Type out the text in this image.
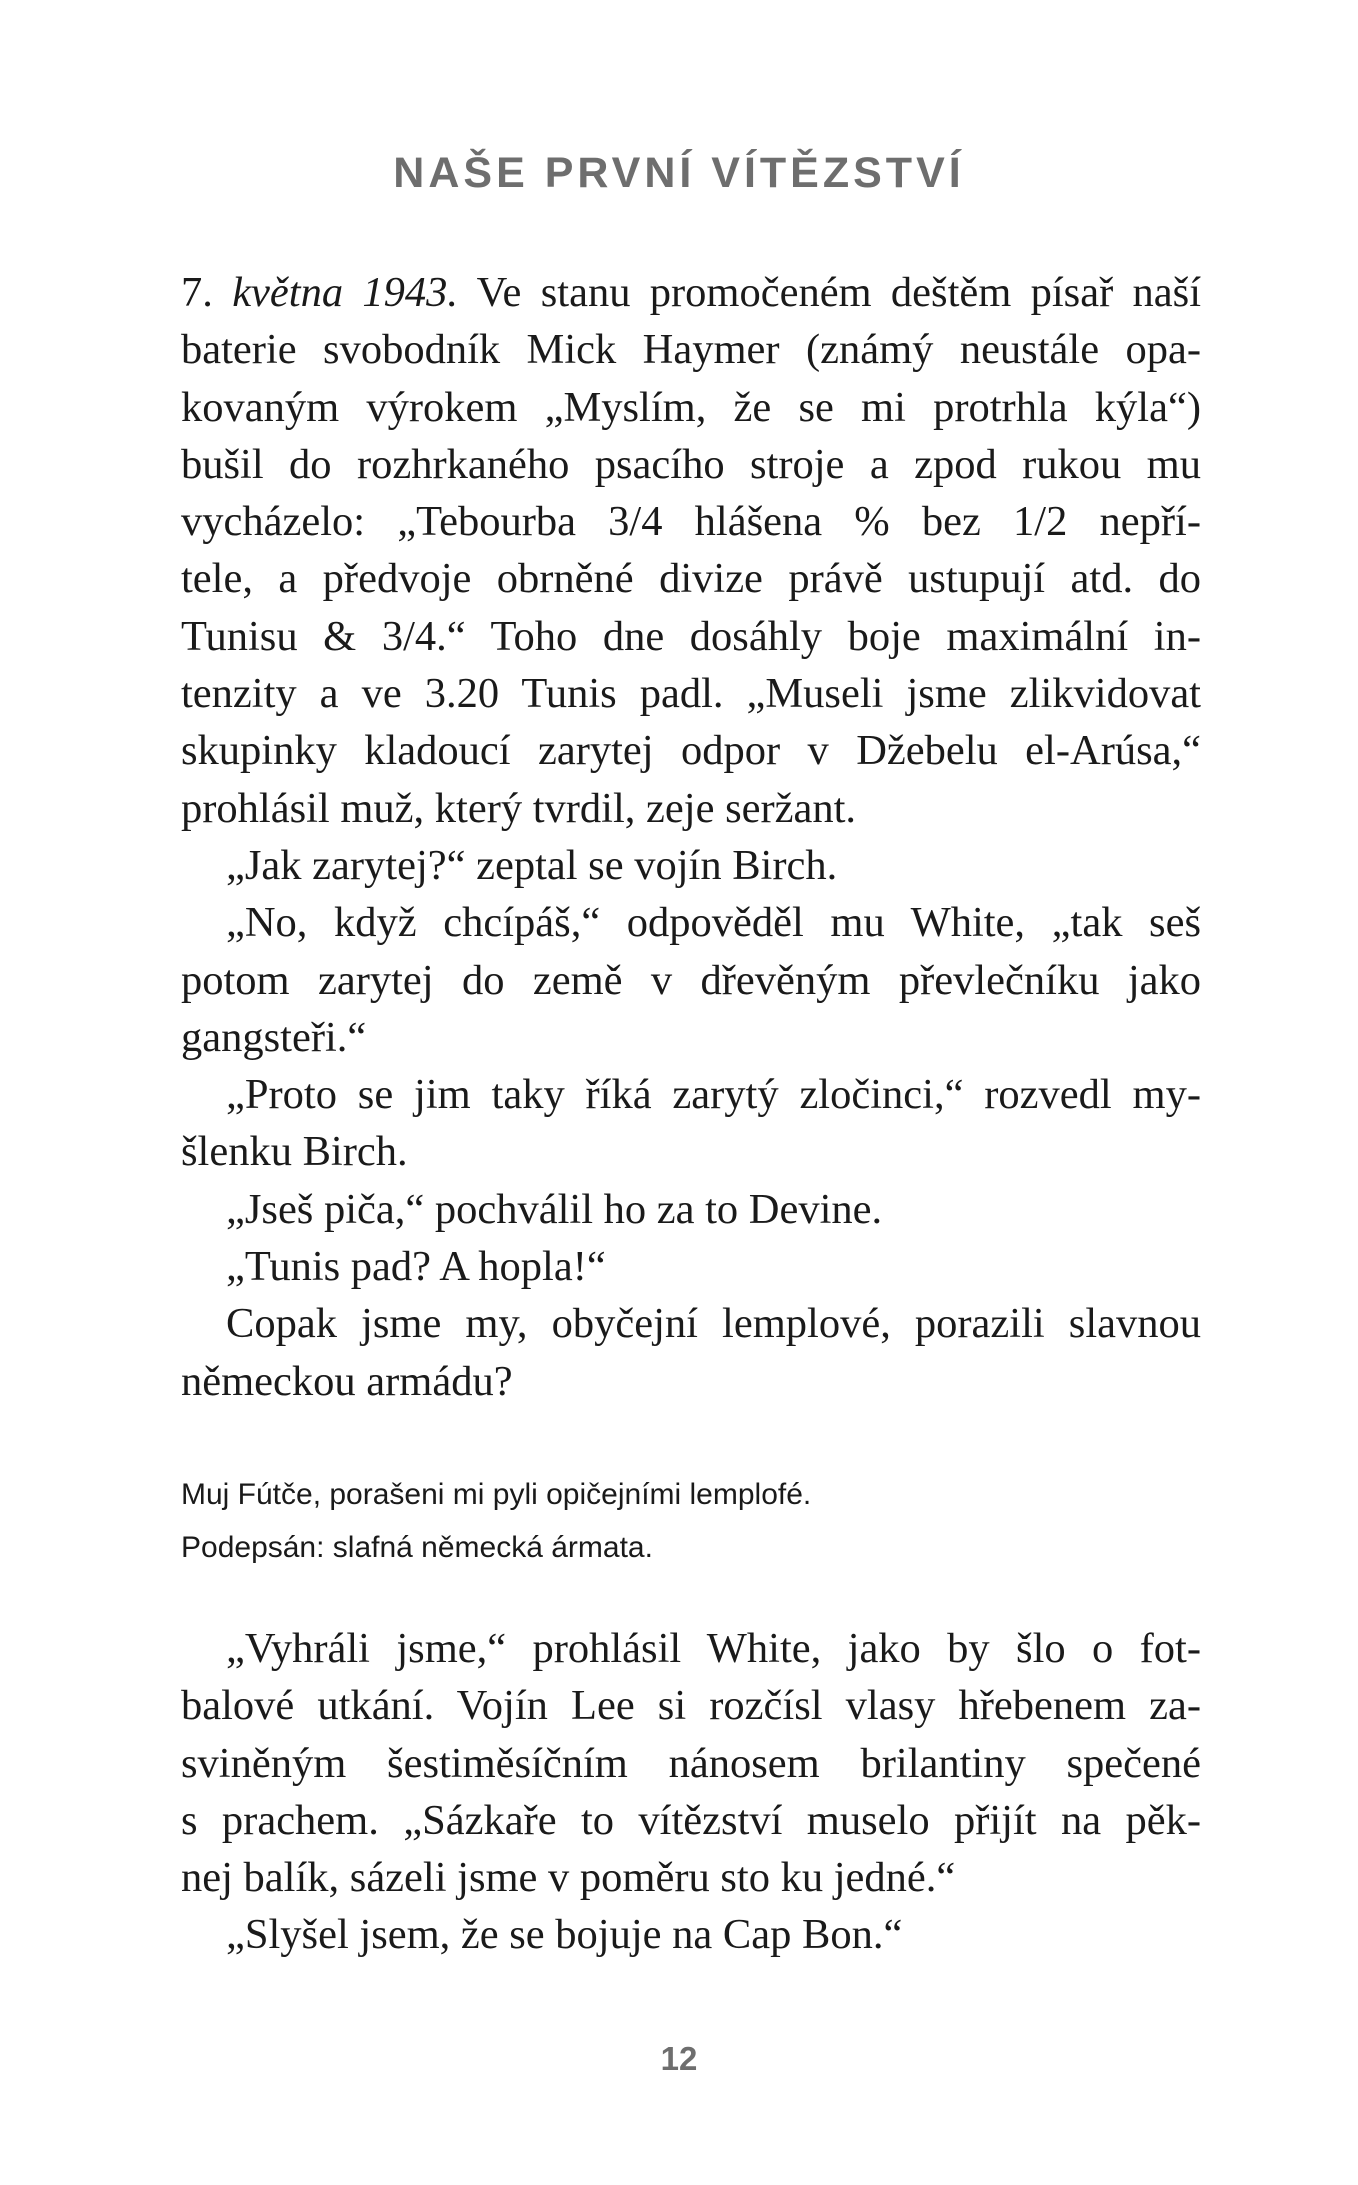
NAŠE PRVNÍ VÍTĚZSTVÍ
7. května 1943. Ve stanu promočeném deštěm písař naší
baterie svobodník Mick Haymer (známý neustále opa-
kovaným výrokem „Myslím, že se mi protrhla kýla“)
bušil do rozhrkaného psacího stroje a zpod rukou mu
vycházelo: „Tebourba 3/4 hlášena % bez 1/2 nepří-
tele, a předvoje obrněné divize právě ustupují atd. do
Tunisu & 3/4.“ Toho dne dosáhly boje maximální in-
tenzity a ve 3.20 Tunis padl. „Museli jsme zlikvidovat
skupinky kladoucí zarytej odpor v Džebelu el-Arúsa,“
prohlásil muž, který tvrdil, zeje seržant.
„Jak zarytej?“ zeptal se vojín Birch.
„No, když chcípáš,“ odpověděl mu White, „tak seš
potom zarytej do země v dřevěným převlečníku jako
gangsteři.“
„Proto se jim taky říká zarytý zločinci,“ rozvedl my-
šlenku Birch.
„Jseš piča,“ pochválil ho za to Devine.
„Tunis pad? A hopla!“
Copak jsme my, obyčejní lemplové, porazili slavnou
německou armádu?
Muj Fútče, porašeni mi pyli opičejními lemplofé.
Podepsán: slafná německá ármata.
„Vyhráli jsme,“ prohlásil White, jako by šlo o fot-
balové utkání. Vojín Lee si rozčísl vlasy hřebenem za-
sviněným šestiměsíčním nánosem brilantiny spečené
s prachem. „Sázkaře to vítězství muselo přijít na pěk-
nej balík, sázeli jsme v poměru sto ku jedné.“
„Slyšel jsem, že se bojuje na Cap Bon.“
12
